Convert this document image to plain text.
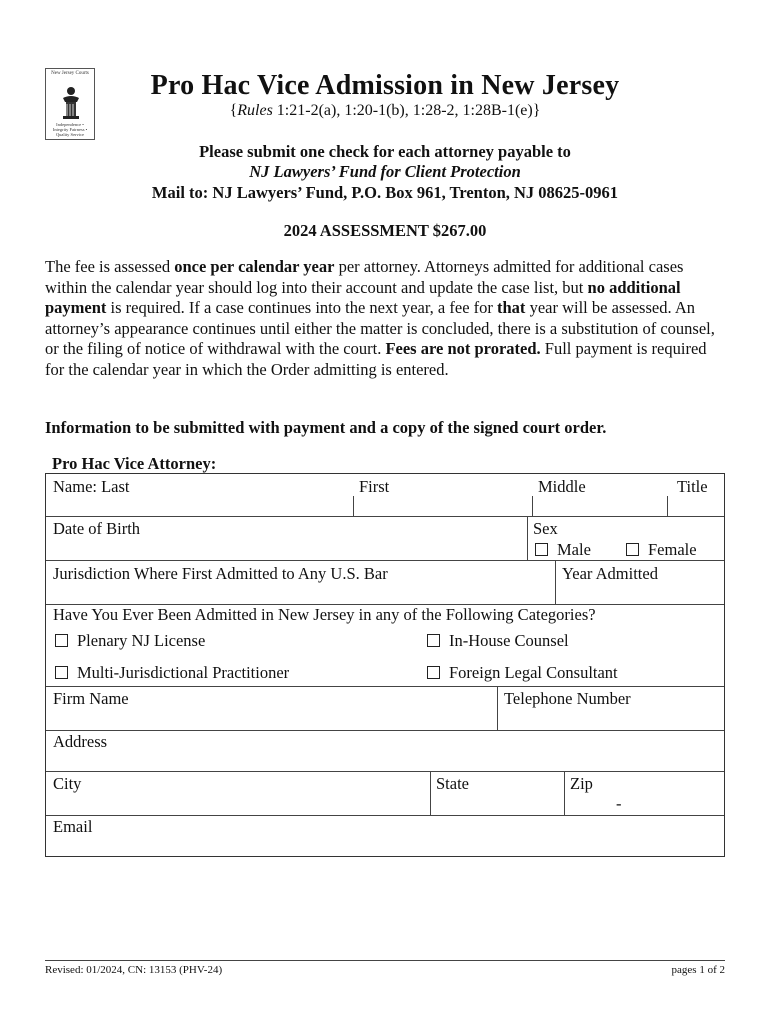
New Jersey Courts
Independence • Integrity Fairness • Quality Service
Pro Hac Vice Admission in New Jersey
{Rules 1:21-2(a), 1:20-1(b), 1:28-2, 1:28B-1(e)}
Please submit one check for each attorney payable to
NJ Lawyers’ Fund for Client Protection
Mail to: NJ Lawyers’ Fund, P.O. Box 961, Trenton, NJ 08625-0961
2024 ASSESSMENT $267.00
The fee is assessed once per calendar year per attorney. Attorneys admitted for additional cases within the calendar year should log into their account and update the case list, but no additional payment is required. If a case continues into the next year, a fee for that year will be assessed. An attorney’s appearance continues until either the matter is concluded, there is a substitution of counsel, or the filing of notice of withdrawal with the court. Fees are not prorated. Full payment is required for the calendar year in which the Order admitting is entered.
Information to be submitted with payment and a copy of the signed court order.
Pro Hac Vice Attorney:
Name: Last	First	Middle	Title
Date of Birth	Sex
Male	Female
Jurisdiction Where First Admitted to Any U.S. Bar	Year Admitted
Have You Ever Been Admitted in New Jersey in any of the Following Categories?
Plenary NJ License	In-House Counsel
Multi-Jurisdictional Practitioner	Foreign Legal Consultant
Firm Name	Telephone Number
Address
City	State	Zip
-
Email
Revised: 01/2024, CN: 13153 (PHV-24)	pages 1 of 2
